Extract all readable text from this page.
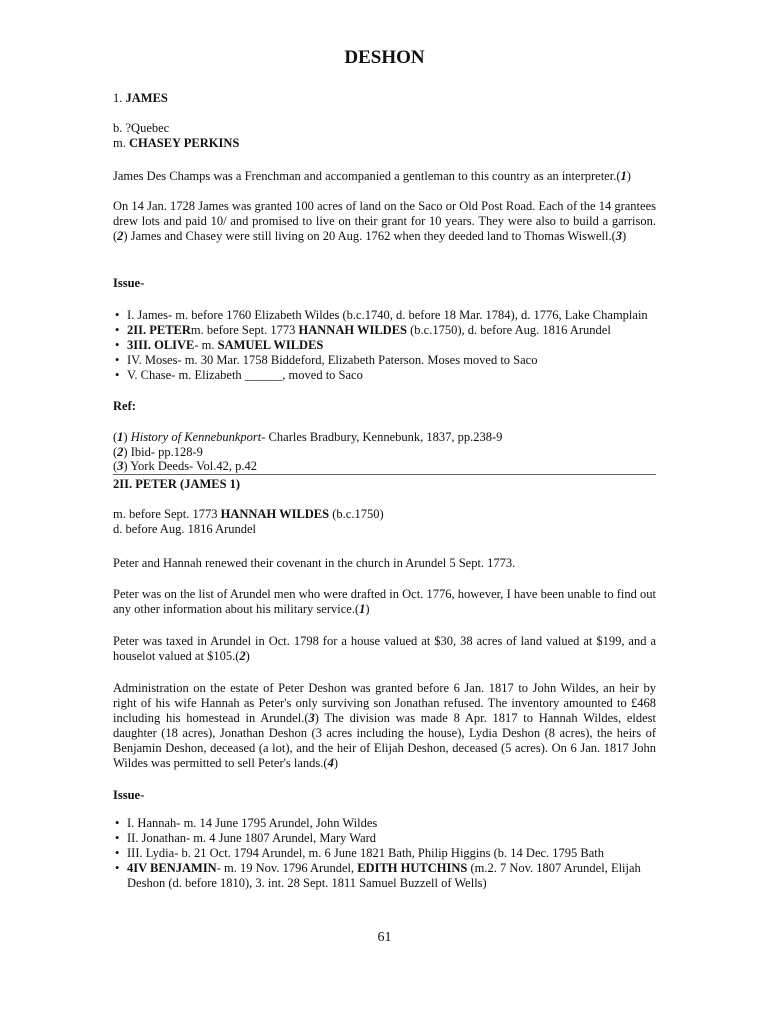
DESHON
1. JAMES
b. ?Quebec
m. CHASEY PERKINS
James Des Champs was a Frenchman and accompanied a gentleman to this country as an interpreter.(1)
On 14 Jan. 1728 James was granted 100 acres of land on the Saco or Old Post Road. Each of the 14 grantees drew lots and paid 10/ and promised to live on their grant for 10 years. They were also to build a garrison.(2) James and Chasey were still living on 20 Aug. 1762 when they deeded land to Thomas Wiswell.(3)
Issue-
• I. James- m. before 1760 Elizabeth Wildes (b.c.1740, d. before 18 Mar. 1784), d. 1776, Lake Champlain
• 2II. PETERm. before Sept. 1773 HANNAH WILDES (b.c.1750), d. before Aug. 1816 Arundel
• 3III. OLIVE- m. SAMUEL WILDES
• IV. Moses- m. 30 Mar. 1758 Biddeford, Elizabeth Paterson. Moses moved to Saco
• V. Chase- m. Elizabeth ______, moved to Saco
Ref:
(1) History of Kennebunkport- Charles Bradbury, Kennebunk, 1837, pp.238-9
(2) Ibid- pp.128-9
(3) York Deeds- Vol.42, p.42
2II. PETER (JAMES 1)
m. before Sept. 1773 HANNAH WILDES (b.c.1750)
d. before Aug. 1816 Arundel
Peter and Hannah renewed their covenant in the church in Arundel 5 Sept. 1773.
Peter was on the list of Arundel men who were drafted in Oct. 1776, however, I have been unable to find out any other information about his military service.(1)
Peter was taxed in Arundel in Oct. 1798 for a house valued at $30, 38 acres of land valued at $199, and a houselot valued at $105.(2)
Administration on the estate of Peter Deshon was granted before 6 Jan. 1817 to John Wildes, an heir by right of his wife Hannah as Peter's only surviving son Jonathan refused. The inventory amounted to £468 including his homestead in Arundel.(3) The division was made 8 Apr. 1817 to Hannah Wildes, eldest daughter (18 acres), Jonathan Deshon (3 acres including the house), Lydia Deshon (8 acres), the heirs of Benjamin Deshon, deceased (a lot), and the heir of Elijah Deshon, deceased (5 acres). On 6 Jan. 1817 John Wildes was permitted to sell Peter's lands.(4)
Issue-
• I. Hannah- m. 14 June 1795 Arundel, John Wildes
• II. Jonathan- m. 4 June 1807 Arundel, Mary Ward
• III. Lydia- b. 21 Oct. 1794 Arundel, m. 6 June 1821 Bath, Philip Higgins (b. 14 Dec. 1795 Bath
• 4IV BENJAMIN- m. 19 Nov. 1796 Arundel, EDITH HUTCHINS (m.2. 7 Nov. 1807 Arundel, Elijah Deshon (d. before 1810), 3. int. 28 Sept. 1811 Samuel Buzzell of Wells)
61
